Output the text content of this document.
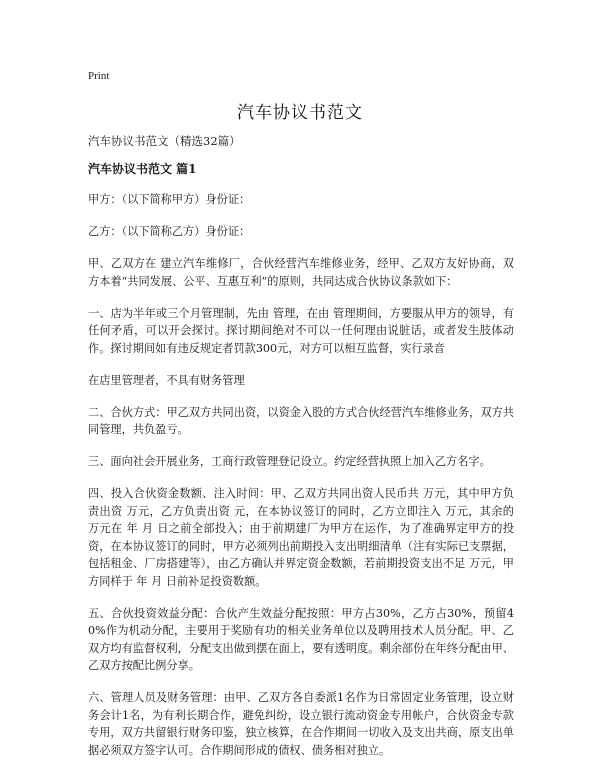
Print
汽车协议书范文
汽车协议书范文（精选32篇）
汽车协议书范文 篇1

甲方：（以下简称甲方）身份证：

乙方：（以下简称乙方）身份证：

甲、乙双方在 建立汽车维修厂，合伙经营汽车维修业务，经甲、乙双方友好协商，双方本着“共同发展、公平、互惠互利”的原则，共同达成合伙协议条款如下：

一、店为半年或三个月管理制，先由 管理，在由 管理期间，方要服从甲方的领导，有任何矛盾，可以开会探讨。探讨期间绝对不可以一任何理由说脏话，或者发生肢体动作。探讨期间如有违反规定者罚款300元，对方可以相互监督，实行录音

在店里管理者，不具有财务管理

二、合伙方式：甲乙双方共同出资，以资金入股的方式合伙经营汽车维修业务，双方共同管理，共负盈亏。

三、面向社会开展业务，工商行政管理登记设立。约定经营执照上加入乙方名字。

四、投入合伙资金数额、注入时间：甲、乙双方共同出资人民币共 万元，其中甲方负责出资 万元，乙方负责出资 元，在本协议签订的同时，乙方立即注入 万元，其余的 万元在 年 月 日之前全部投入；由于前期建厂为甲方在运作，为了准确界定甲方的投资，在本协议签订的同时，甲方必须列出前期投入支出明细清单（注有实际已支票据，包括租金、厂房搭建等），由乙方确认并界定资金数额，若前期投资支出不足 万元，甲方同样于 年 月 日前补足投资数额。

五、合伙投资效益分配：合伙产生效益分配按照：甲方占30%，乙方占30%，预留40%作为机动分配，主要用于奖励有功的相关业务单位以及聘用技术人员分配。甲、乙双方均有监督权利，分配支出做到摆在面上，要有透明度。剩余部份在年终分配由甲、乙双方按配比例分享。

六、管理人员及财务管理：由甲、乙双方各自委派1名作为日常固定业务管理，设立财务会计1名，为有利长期合作，避免纠纷，设立银行流动资金专用帐户，合伙资金专款专用，双方共留银行财务印鉴，独立核算，在合作期间一切收入及支出共商，原支出单据必须双方签字认可。合作期间形成的债权、债务相对独立。
